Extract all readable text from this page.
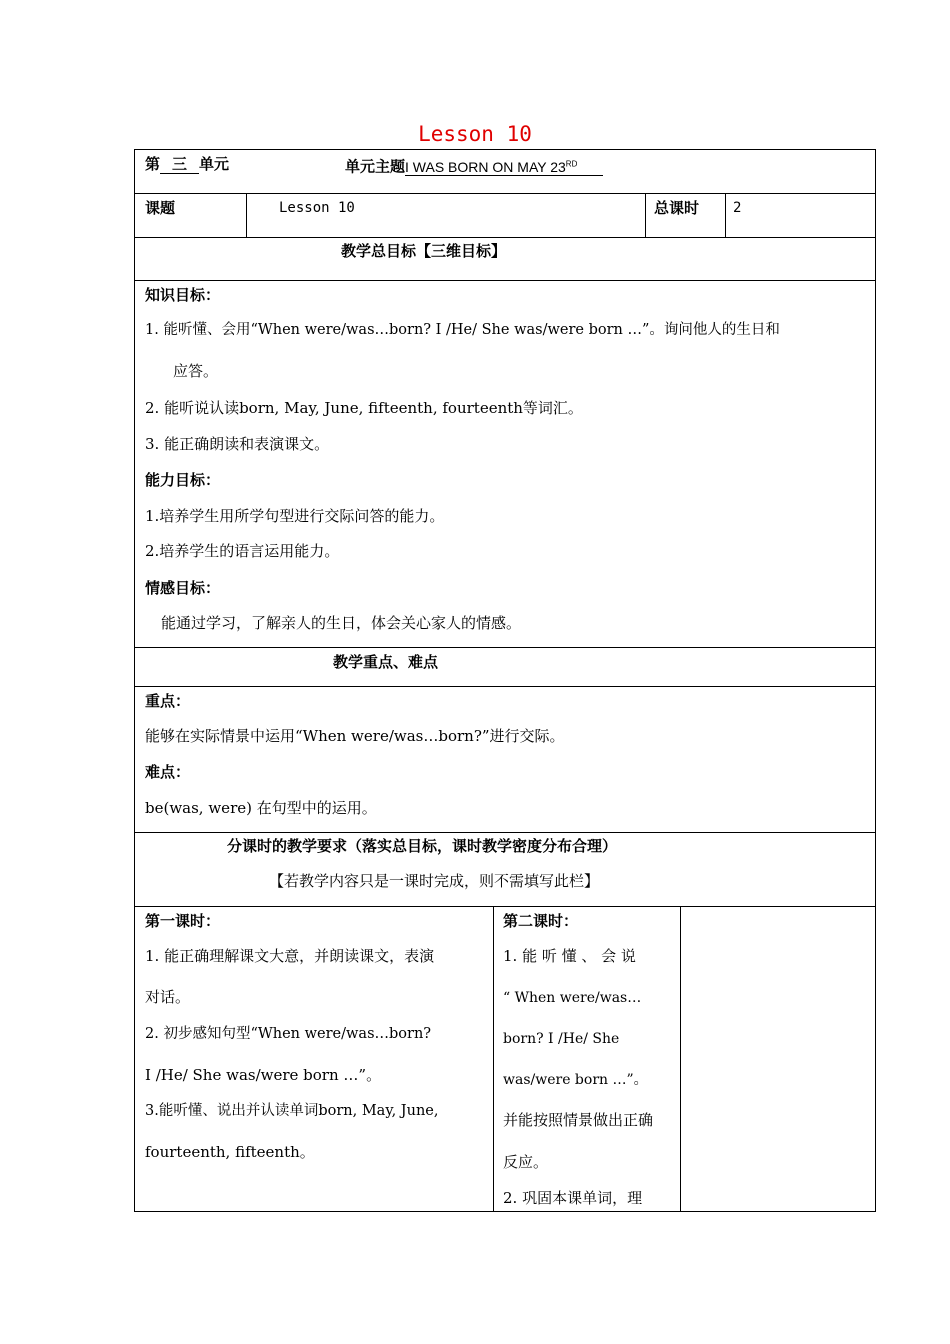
Lesson 10
第 三 单元	单元主题I WAS BORN ON MAY 23RD
课题	Lesson 10	总课时 2
教学总目标【三维目标】
知识目标：
1. 能听懂、会用“When were/was…born? I /He/ She was/were born …”。询问他人的生日和
应答。
2. 能听说认读born, May, June, fifteenth, fourteenth等词汇。
3. 能正确朗读和表演课文。
能力目标：
1.培养学生用所学句型进行交际问答的能力。
2.培养学生的语言运用能力。
情感目标：
能通过学习，了解亲人的生日，体会关心家人的情感。
教学重点、难点
重点：
能够在实际情景中运用“When were/was…born?”进行交际。
难点：
be(was, were) 在句型中的运用。
分课时的教学要求（落实总目标，课时教学密度分布合理）
【若教学内容只是一课时完成，则不需填写此栏】
第一课时：
1. 能正确理解课文大意，并朗读课文，表演
对话。
2. 初步感知句型“When were/was…born?
I /He/ She was/were born …”。
3.能听懂、说出并认读单词born, May, June,
fourteenth, fifteenth。
第二课时：
1. 能 听 懂 、 会 说
“ When were/was…
born? I /He/ She
was/were born …”。
并能按照情景做出正确
反应。
2. 巩固本课单词，理
